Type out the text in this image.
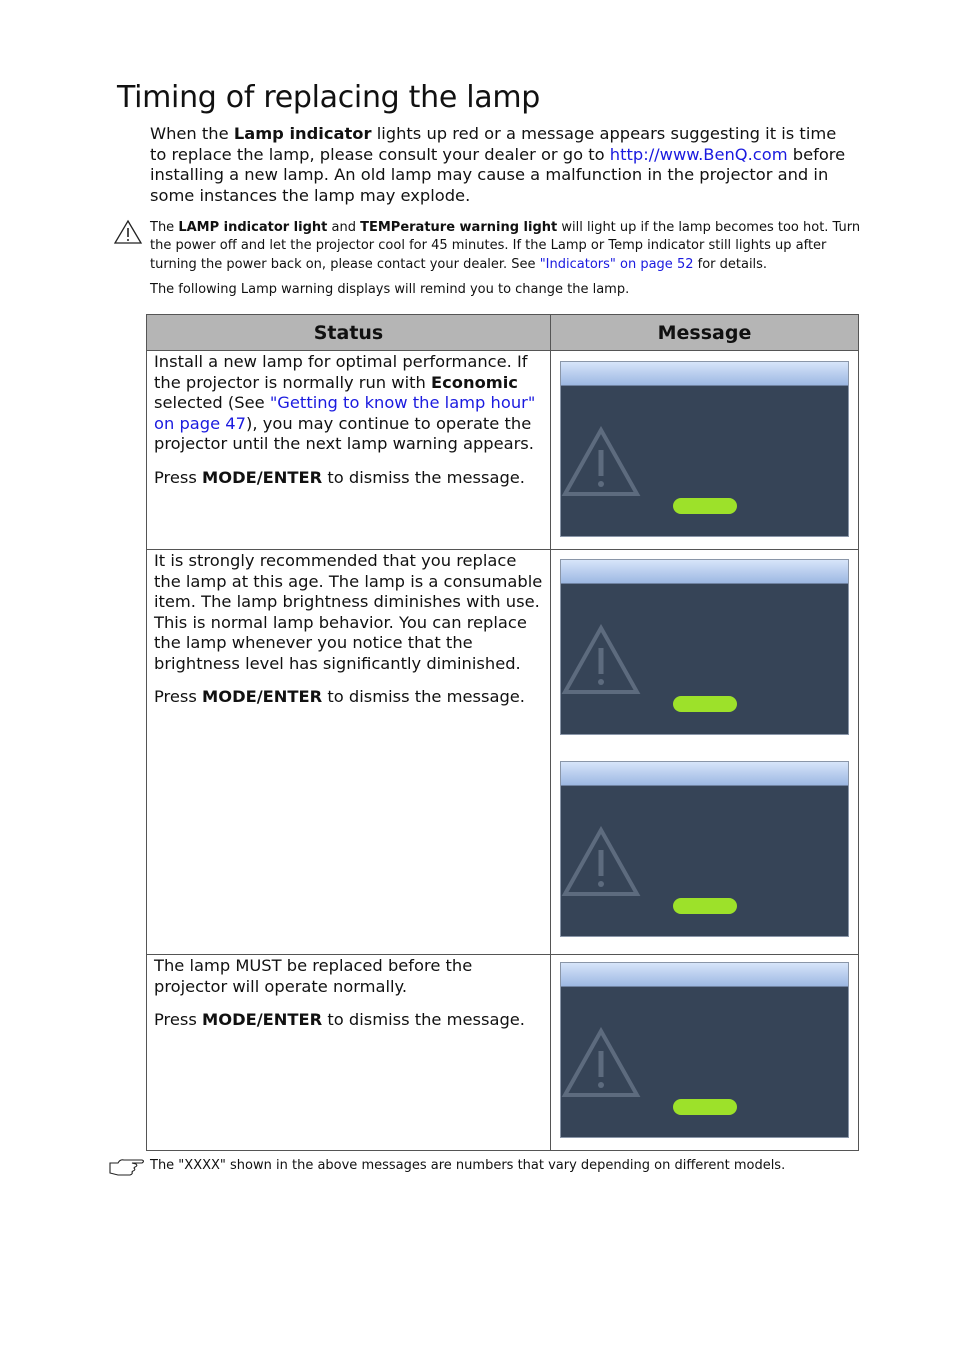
Timing of replacing the lamp

When the Lamp indicator lights up red or a message appears suggesting it is time to replace the lamp, please consult your dealer or go to http://www.BenQ.com before installing a new lamp. An old lamp may cause a malfunction in the projector and in some instances the lamp may explode.

The LAMP indicator light and TEMPerature warning light will light up if the lamp becomes too hot. Turn the power off and let the projector cool for 45 minutes. If the Lamp or Temp indicator still lights up after turning the power back on, please contact your dealer. See "Indicators" on page 52 for details.

The following Lamp warning displays will remind you to change the lamp.

Status	Message

Install a new lamp for optimal performance. If the projector is normally run with Economic
selected (See "Getting to know the lamp hour" on page 47), you may continue to operate the projector until the next lamp warning appears.

Press MODE/ENTER to dismiss the message.

It is strongly recommended that you replace the lamp at this age. The lamp is a consumable item. The lamp brightness diminishes with use. This is normal lamp behavior. You can replace the lamp whenever you notice that the brightness level has significantly diminished.

Press MODE/ENTER to dismiss the message.

The lamp MUST be replaced before the projector will operate normally.

Press MODE/ENTER to dismiss the message.

The "XXXX" shown in the above messages are numbers that vary depending on different models.
